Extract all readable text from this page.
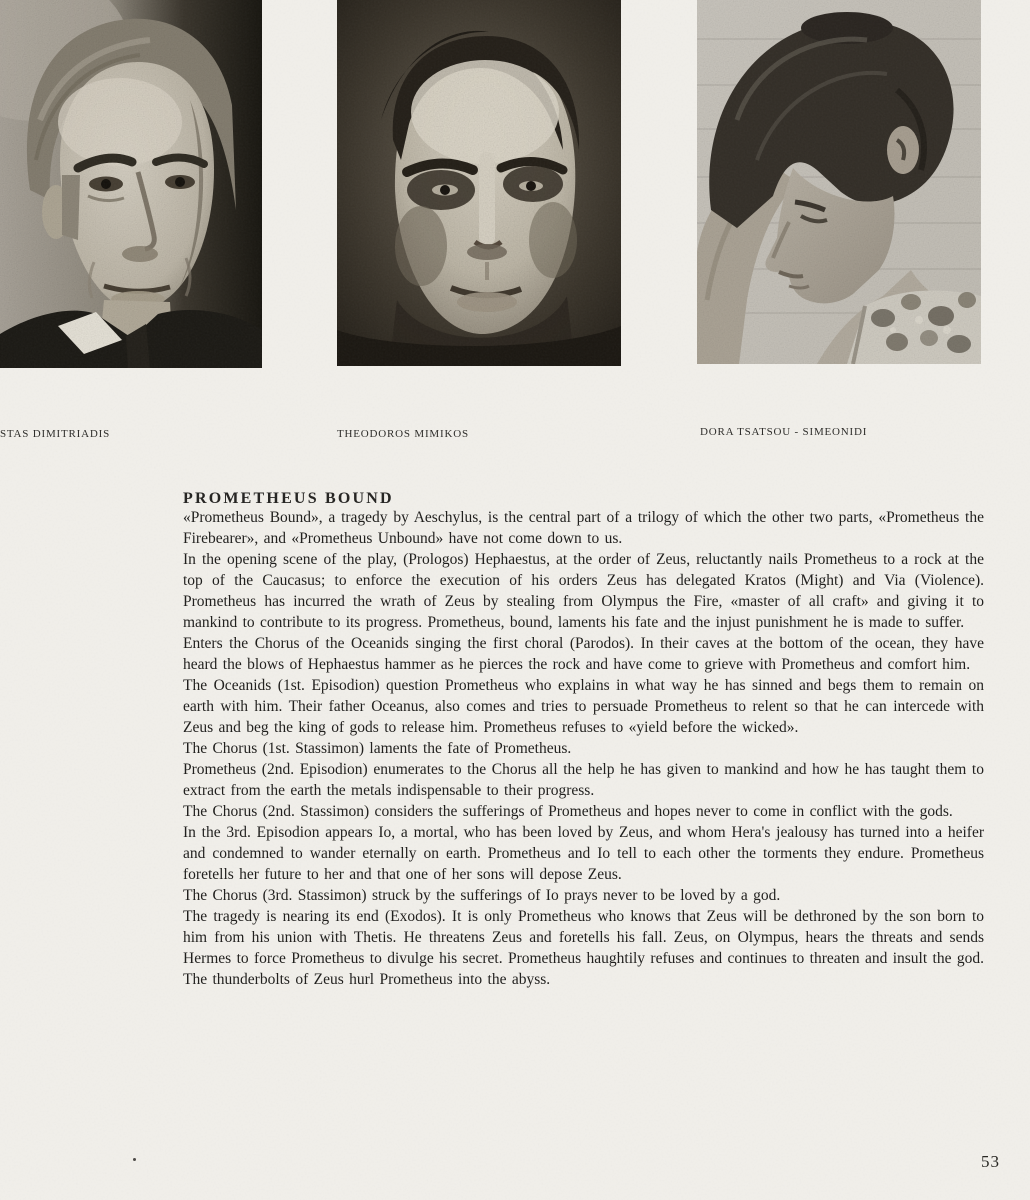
STAS DIMITRIADIS	THEODOROS MIMIKOS	DORA TSATSOU - SIMEONIDI
PROMETHEUS BOUND

«Prometheus Bound», a tragedy by Aeschylus, is the central part of a trilogy of which the other two parts, «Prometheus the Firebearer», and «Prometheus Unbound» have not come down to us.

In the opening scene of the play, (Prologos) Hephaestus, at the order of Zeus, reluctantly nails Prometheus to a rock at the top of the Caucasus; to enforce the execution of his orders Zeus has delegated Kratos (Might) and Via (Violence). Prometheus has incurred the wrath of Zeus by stealing from Olympus the Fire, «master of all craft» and giving it to mankind to contribute to its progress. Prometheus, bound, laments his fate and the injust punishment he is made to suffer.

Enters the Chorus of the Oceanids singing the first choral (Parodos). In their caves at the bottom of the ocean, they have heard the blows of Hephaestus hammer as he pierces the rock and have come to grieve with Prometheus and comfort him.

The Oceanids (1st. Episodion) question Prometheus who explains in what way he has sinned and begs them to remain on earth with him. Their father Oceanus, also comes and tries to persuade Prometheus to relent so that he can intercede with Zeus and beg the king of gods to release him. Prometheus refuses to «yield before the wicked».

The Chorus (1st. Stassimon) laments the fate of Prometheus.

Prometheus (2nd. Episodion) enumerates to the Chorus all the help he has given to mankind and how he has taught them to extract from the earth the metals indispensable to their progress.

The Chorus (2nd. Stassimon) considers the sufferings of Prometheus and hopes never to come in conflict with the gods.

In the 3rd. Episodion appears Io, a mortal, who has been loved by Zeus, and whom Hera's jealousy has turned into a heifer and condemned to wander eternally on earth. Prometheus and Io tell to each other the torments they endure. Prometheus foretells her future to her and that one of her sons will depose Zeus.

The Chorus (3rd. Stassimon) struck by the sufferings of Io prays never to be loved by a god.

The tragedy is nearing its end (Exodos). It is only Prometheus who knows that Zeus will be dethroned by the son born to him from his union with Thetis. He threatens Zeus and foretells his fall. Zeus, on Olympus, hears the threats and sends Hermes to force Prometheus to divulge his secret. Prometheus haughtily refuses and continues to threaten and insult the god. The thunderbolts of Zeus hurl Prometheus into the abyss.

53
